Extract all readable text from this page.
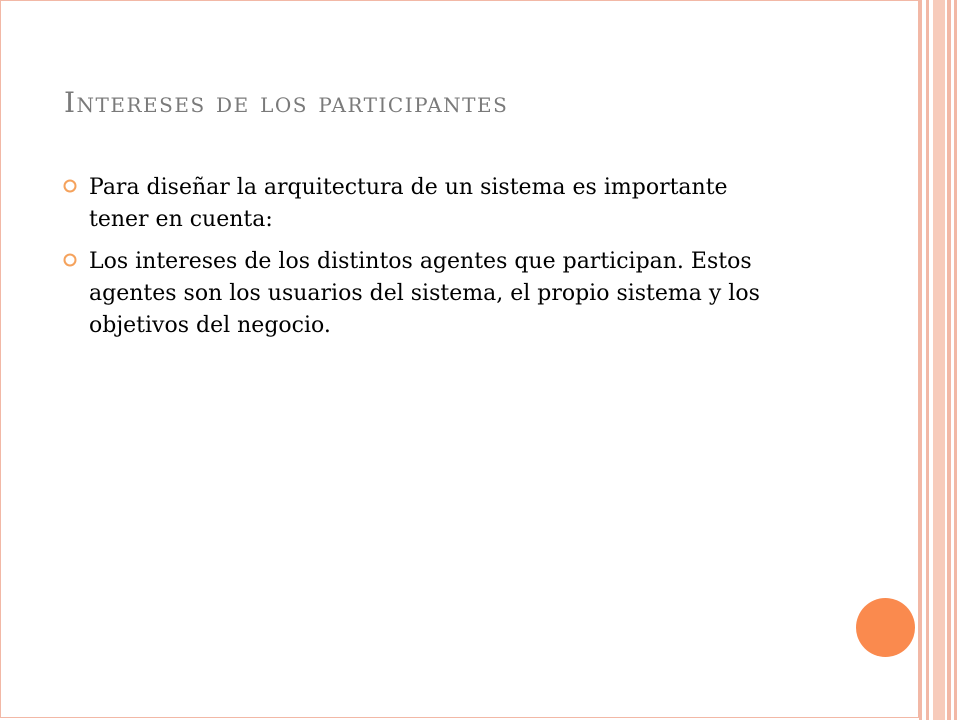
Intereses de los participantes
Para diseñar la arquitectura de un sistema es importante tener en cuenta:
Los intereses de los distintos agentes que participan. Estos agentes son los usuarios del sistema, el propio sistema y los objetivos del negocio.
